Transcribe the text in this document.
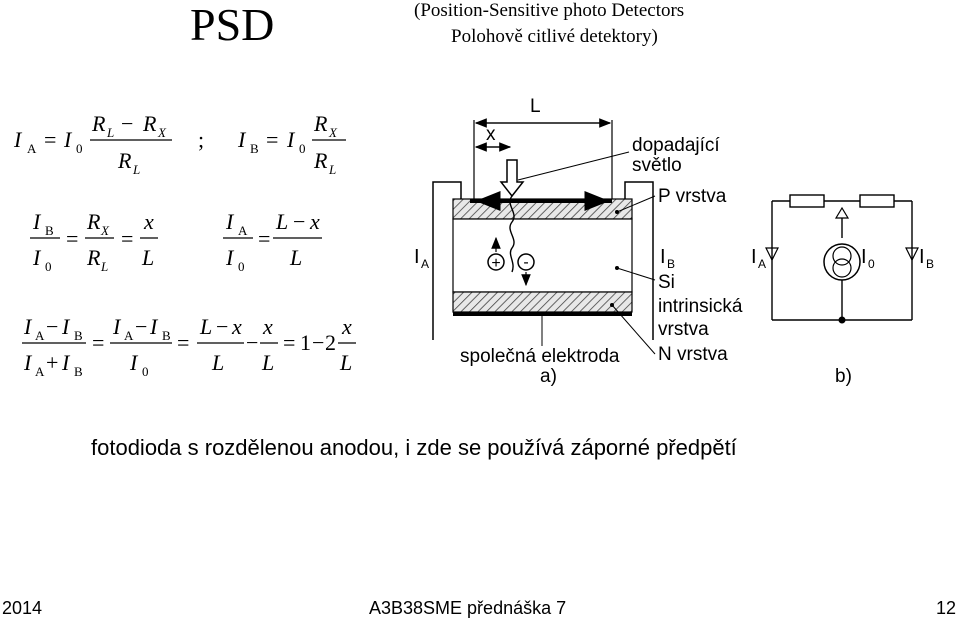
PSD	(Position-Sensitive photo Detectors
Polohově citlivé detektory)
I A = I 0
R L − R X
R L
; I B = I 0
R X
R L
I B
I 0
=
R X
R L
=
x
L
I A
I 0
=
L − x
L
I A − I B
I A + I B
=
I A − I B
I 0
=
L − x
L
−
x
L
= 1 − 2
x
L
L
x
+ -
I A	I B
dopadající
světlo
P vrstva
Si
intrinsická
vrstva
N vrstva
společná elektroda
a)
I A	I 0 I B
b)
fotodioda s rozdělenou anodou, i zde se používá záporné předpětí
2014	A3B38SME přednáška 7	12
